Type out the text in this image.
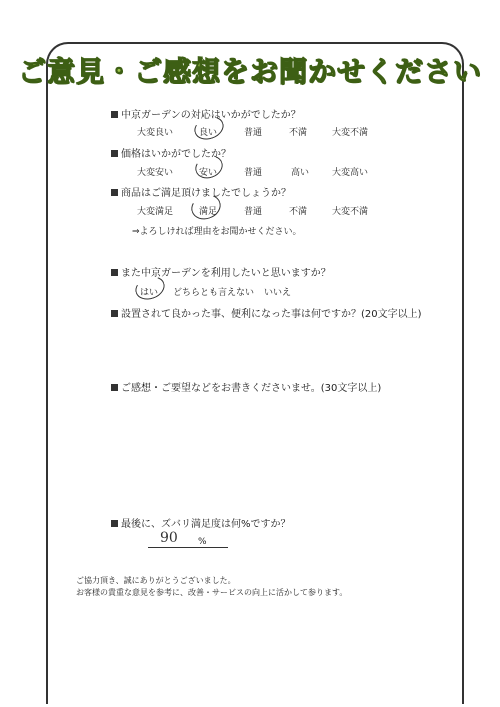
ご意見・ご感想をお聞かせください
中京ガーデンの対応はいかがでしたか？
大変良い	良い	普通	不満	大変不満
価格はいかがでしたか？
大変安い	安い	普通	高い	大変高い
商品はご満足頂けましたでしょうか？
大変満足	満足	普通	不満	大変不満
⇒よろしければ理由をお聞かせください。
また中京ガーデンを利用したいと思いますか？
はい どちらとも言えない いいえ
設置されて良かった事、便利になった事は何ですか？(20文字以上)
ご感想・ご要望などをお書きくださいませ。(30文字以上)
最後に、ズバリ満足度は何%ですか？
90 %
ご協力頂き、誠にありがとうございました。
お客様の貴重な意見を参考に、改善・サービスの向上に活かして参ります。
